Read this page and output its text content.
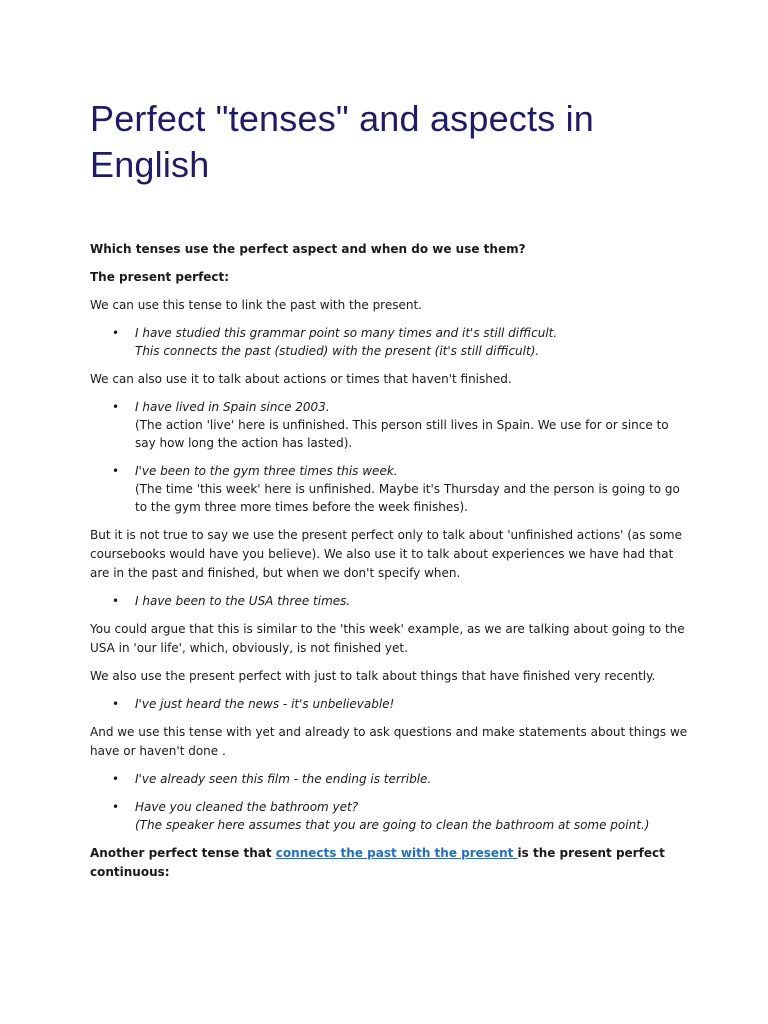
Perfect "tenses" and aspects in English

Which tenses use the perfect aspect and when do we use them?

The present perfect:

We can use this tense to link the past with the present.

• I have studied this grammar point so many times and it's still difficult.
This connects the past (studied) with the present (it's still difficult).

We can also use it to talk about actions or times that haven't finished.

• I have lived in Spain since 2003.
(The action 'live' here is unfinished. This person still lives in Spain. We use for or since to say how long the action has lasted).
• I've been to the gym three times this week.
(The time 'this week' here is unfinished. Maybe it's Thursday and the person is going to go to the gym three more times before the week finishes).

But it is not true to say we use the present perfect only to talk about 'unfinished actions' (as some coursebooks would have you believe). We also use it to talk about experiences we have had that are in the past and finished, but when we don't specify when.

• I have been to the USA three times.

You could argue that this is similar to the 'this week' example, as we are talking about going to the USA in 'our life', which, obviously, is not finished yet.

We also use the present perfect with just to talk about things that have finished very recently.

• I've just heard the news - it's unbelievable!

And we use this tense with yet and already to ask questions and make statements about things we have or haven't done .

• I've already seen this film - the ending is terrible.
• Have you cleaned the bathroom yet?
(The speaker here assumes that you are going to clean the bathroom at some point.)

Another perfect tense that connects the past with the present is the present perfect continuous:
